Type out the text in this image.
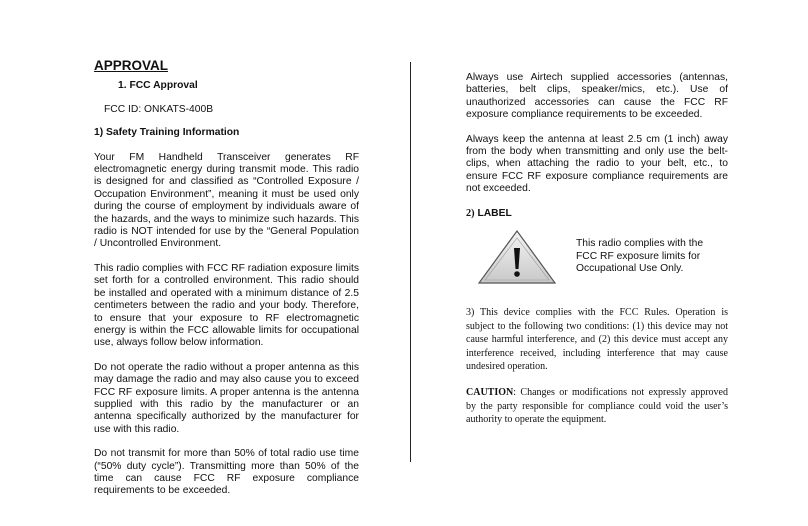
APPROVAL
1. FCC Approval
FCC ID: ONKATS-400B
1) Safety Training Information

Your FM Handheld Transceiver generates RF electromagnetic energy during transmit mode. This radio is designed for and classified as “Controlled Exposure / Occupation Environment”, meaning it must be used only during the course of employment by individuals aware of the hazards, and the ways to minimize such hazards. This radio is NOT intended for use by the “General Population / Uncontrolled Environment.

This radio complies with FCC RF radiation exposure limits set forth for a controlled environment. This radio should be installed and operated with a minimum distance of 2.5 centimeters between the radio and your body. Therefore, to ensure that your exposure to RF electromagnetic energy is within the FCC allowable limits for occupational use, always follow below information.

Do not operate the radio without a proper antenna as this may damage the radio and may also cause you to exceed FCC RF exposure limits. A proper antenna is the antenna supplied with this radio by the manufacturer or an antenna specifically authorized by the manufacturer for use with this radio.

Do not transmit for more than 50% of total radio use time (“50% duty cycle”). Transmitting more than 50% of the time can cause FCC RF exposure compliance requirements to be exceeded.

Always use Airtech supplied accessories (antennas, batteries, belt clips, speaker/mics, etc.). Use of unauthorized accessories can cause the FCC RF exposure compliance requirements to be exceeded.

Always keep the antenna at least 2.5 cm (1 inch) away from the body when transmitting and only use the belt-clips, when attaching the radio to your belt, etc., to ensure FCC RF exposure compliance requirements are not exceeded.

2) LABEL
This radio complies with the FCC RF exposure limits for Occupational Use Only.

3) This device complies with the FCC Rules. Operation is subject to the following two conditions: (1) this device may not cause harmful interference, and (2) this device must accept any interference received, including interference that may cause undesired operation.

CAUTION: Changes or modifications not expressly approved by the party responsible for compliance could void the user’s authority to operate the equipment.
